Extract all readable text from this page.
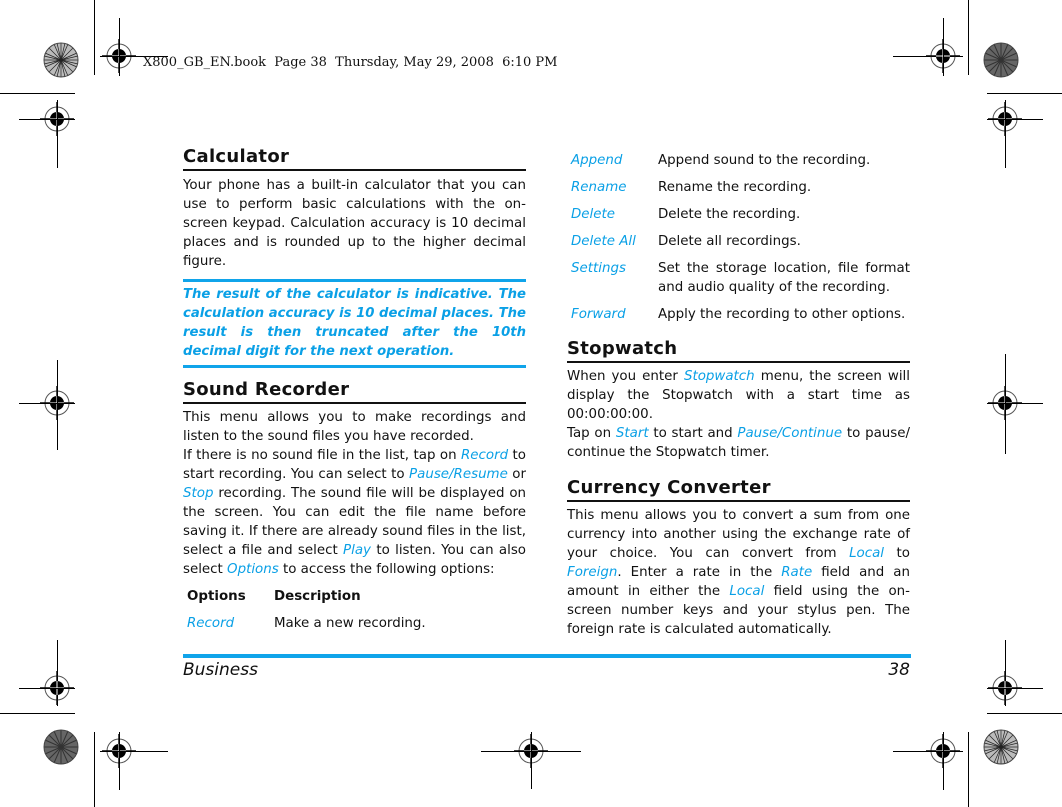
X800_GB_EN.book  Page 38  Thursday, May 29, 2008  6:10 PM
Calculator

Your phone has a built-in calculator that you can use to perform basic calculations with the on-screen keypad. Calculation accuracy is 10 decimal places and is rounded up to the higher decimal figure.

The result of the calculator is indicative. The calculation accuracy is 10 decimal places. The result is then truncated after the 10th decimal digit for the next operation.

Sound Recorder

This menu allows you to make recordings and listen to the sound files you have recorded.

If there is no sound file in the list, tap on Record to start recording. You can select to Pause/Resume or Stop recording. The sound file will be displayed on the screen. You can edit the file name before saving it. If there are already sound files in the list, select a file and select Play to listen. You can also select Options to access the following options:

Options	Description
Record	Make a new recording.
Append	Append sound to the recording.
Rename	Rename the recording.
Delete	Delete the recording.
Delete All	Delete all recordings.
Settings	Set the storage location, file format and audio quality of the recording.
Forward	Apply the recording to other options.
Stopwatch

When you enter Stopwatch menu, the screen will display the Stopwatch with a start time as 00:00:00:00.

Tap on Start to start and Pause/Continue to pause/ continue the Stopwatch timer.

Currency Converter

This menu allows you to convert a sum from one currency into another using the exchange rate of your choice. You can convert from Local to Foreign. Enter a rate in the Rate field and an amount in either the Local field using the on-screen number keys and your stylus pen. The foreign rate is calculated automatically.

Business	38
